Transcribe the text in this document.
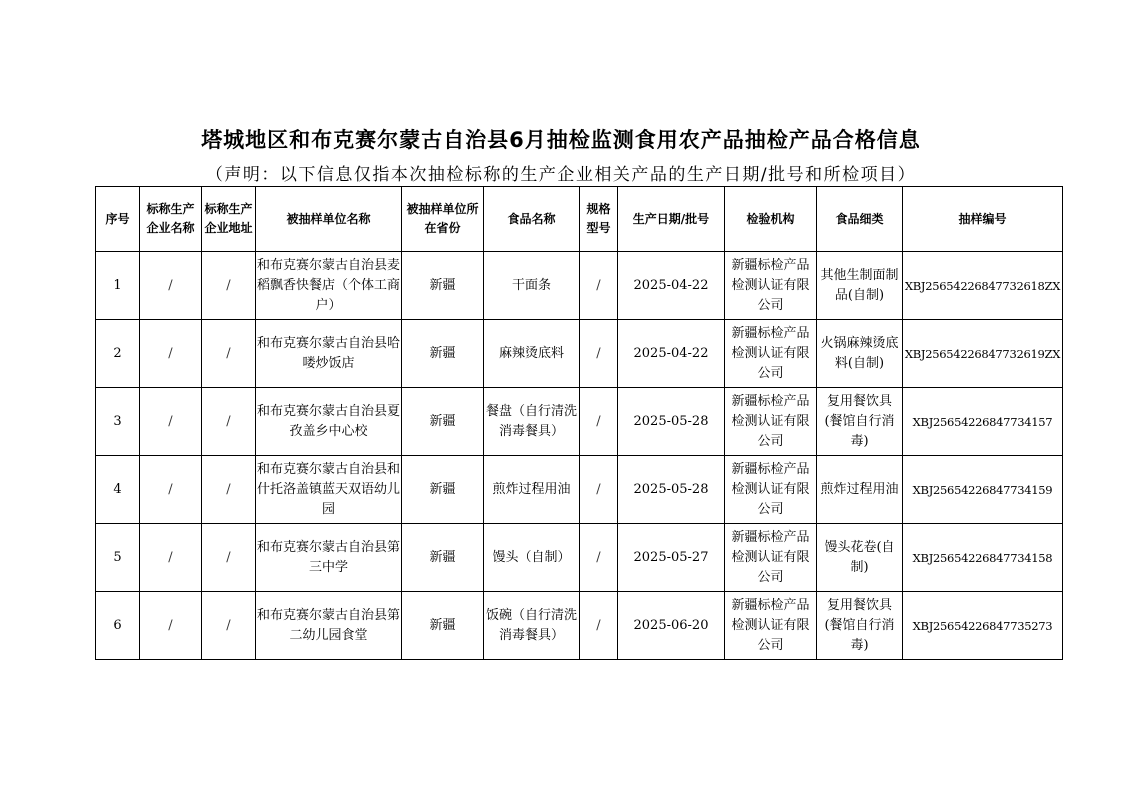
塔城地区和布克赛尔蒙古自治县6月抽检监测食用农产品抽检产品合格信息
（声明：以下信息仅指本次抽检标称的生产企业相关产品的生产日期/批号和所检项目）
序号	标称生产企业名称	标称生产企业地址	被抽样单位名称	被抽样单位所在省份	食品名称	规格型号	生产日期/批号	检验机构	食品细类	抽样编号
1	/	/	和布克赛尔蒙古自治县麦稻飘香快餐店（个体工商户）	新疆	干面条	/	2025-04-22	新疆标检产品检测认证有限公司	其他生制面制品(自制)	XBJ25654226847732618ZX
2	/	/	和布克赛尔蒙古自治县哈喽炒饭店	新疆	麻辣烫底料	/	2025-04-22	新疆标检产品检测认证有限公司	火锅麻辣烫底料(自制)	XBJ25654226847732619ZX
3	/	/	和布克赛尔蒙古自治县夏孜盖乡中心校	新疆	餐盘（自行清洗消毒餐具）	/	2025-05-28	新疆标检产品检测认证有限公司	复用餐饮具(餐馆自行消毒)	XBJ25654226847734157
4	/	/	和布克赛尔蒙古自治县和什托洛盖镇蓝天双语幼儿园	新疆	煎炸过程用油	/	2025-05-28	新疆标检产品检测认证有限公司	煎炸过程用油	XBJ25654226847734159
5	/	/	和布克赛尔蒙古自治县第三中学	新疆	馒头（自制）	/	2025-05-27	新疆标检产品检测认证有限公司	馒头花卷(自制)	XBJ25654226847734158
6	/	/	和布克赛尔蒙古自治县第二幼儿园食堂	新疆	饭碗（自行清洗消毒餐具）	/	2025-06-20	新疆标检产品检测认证有限公司	复用餐饮具(餐馆自行消毒)	XBJ25654226847735273
